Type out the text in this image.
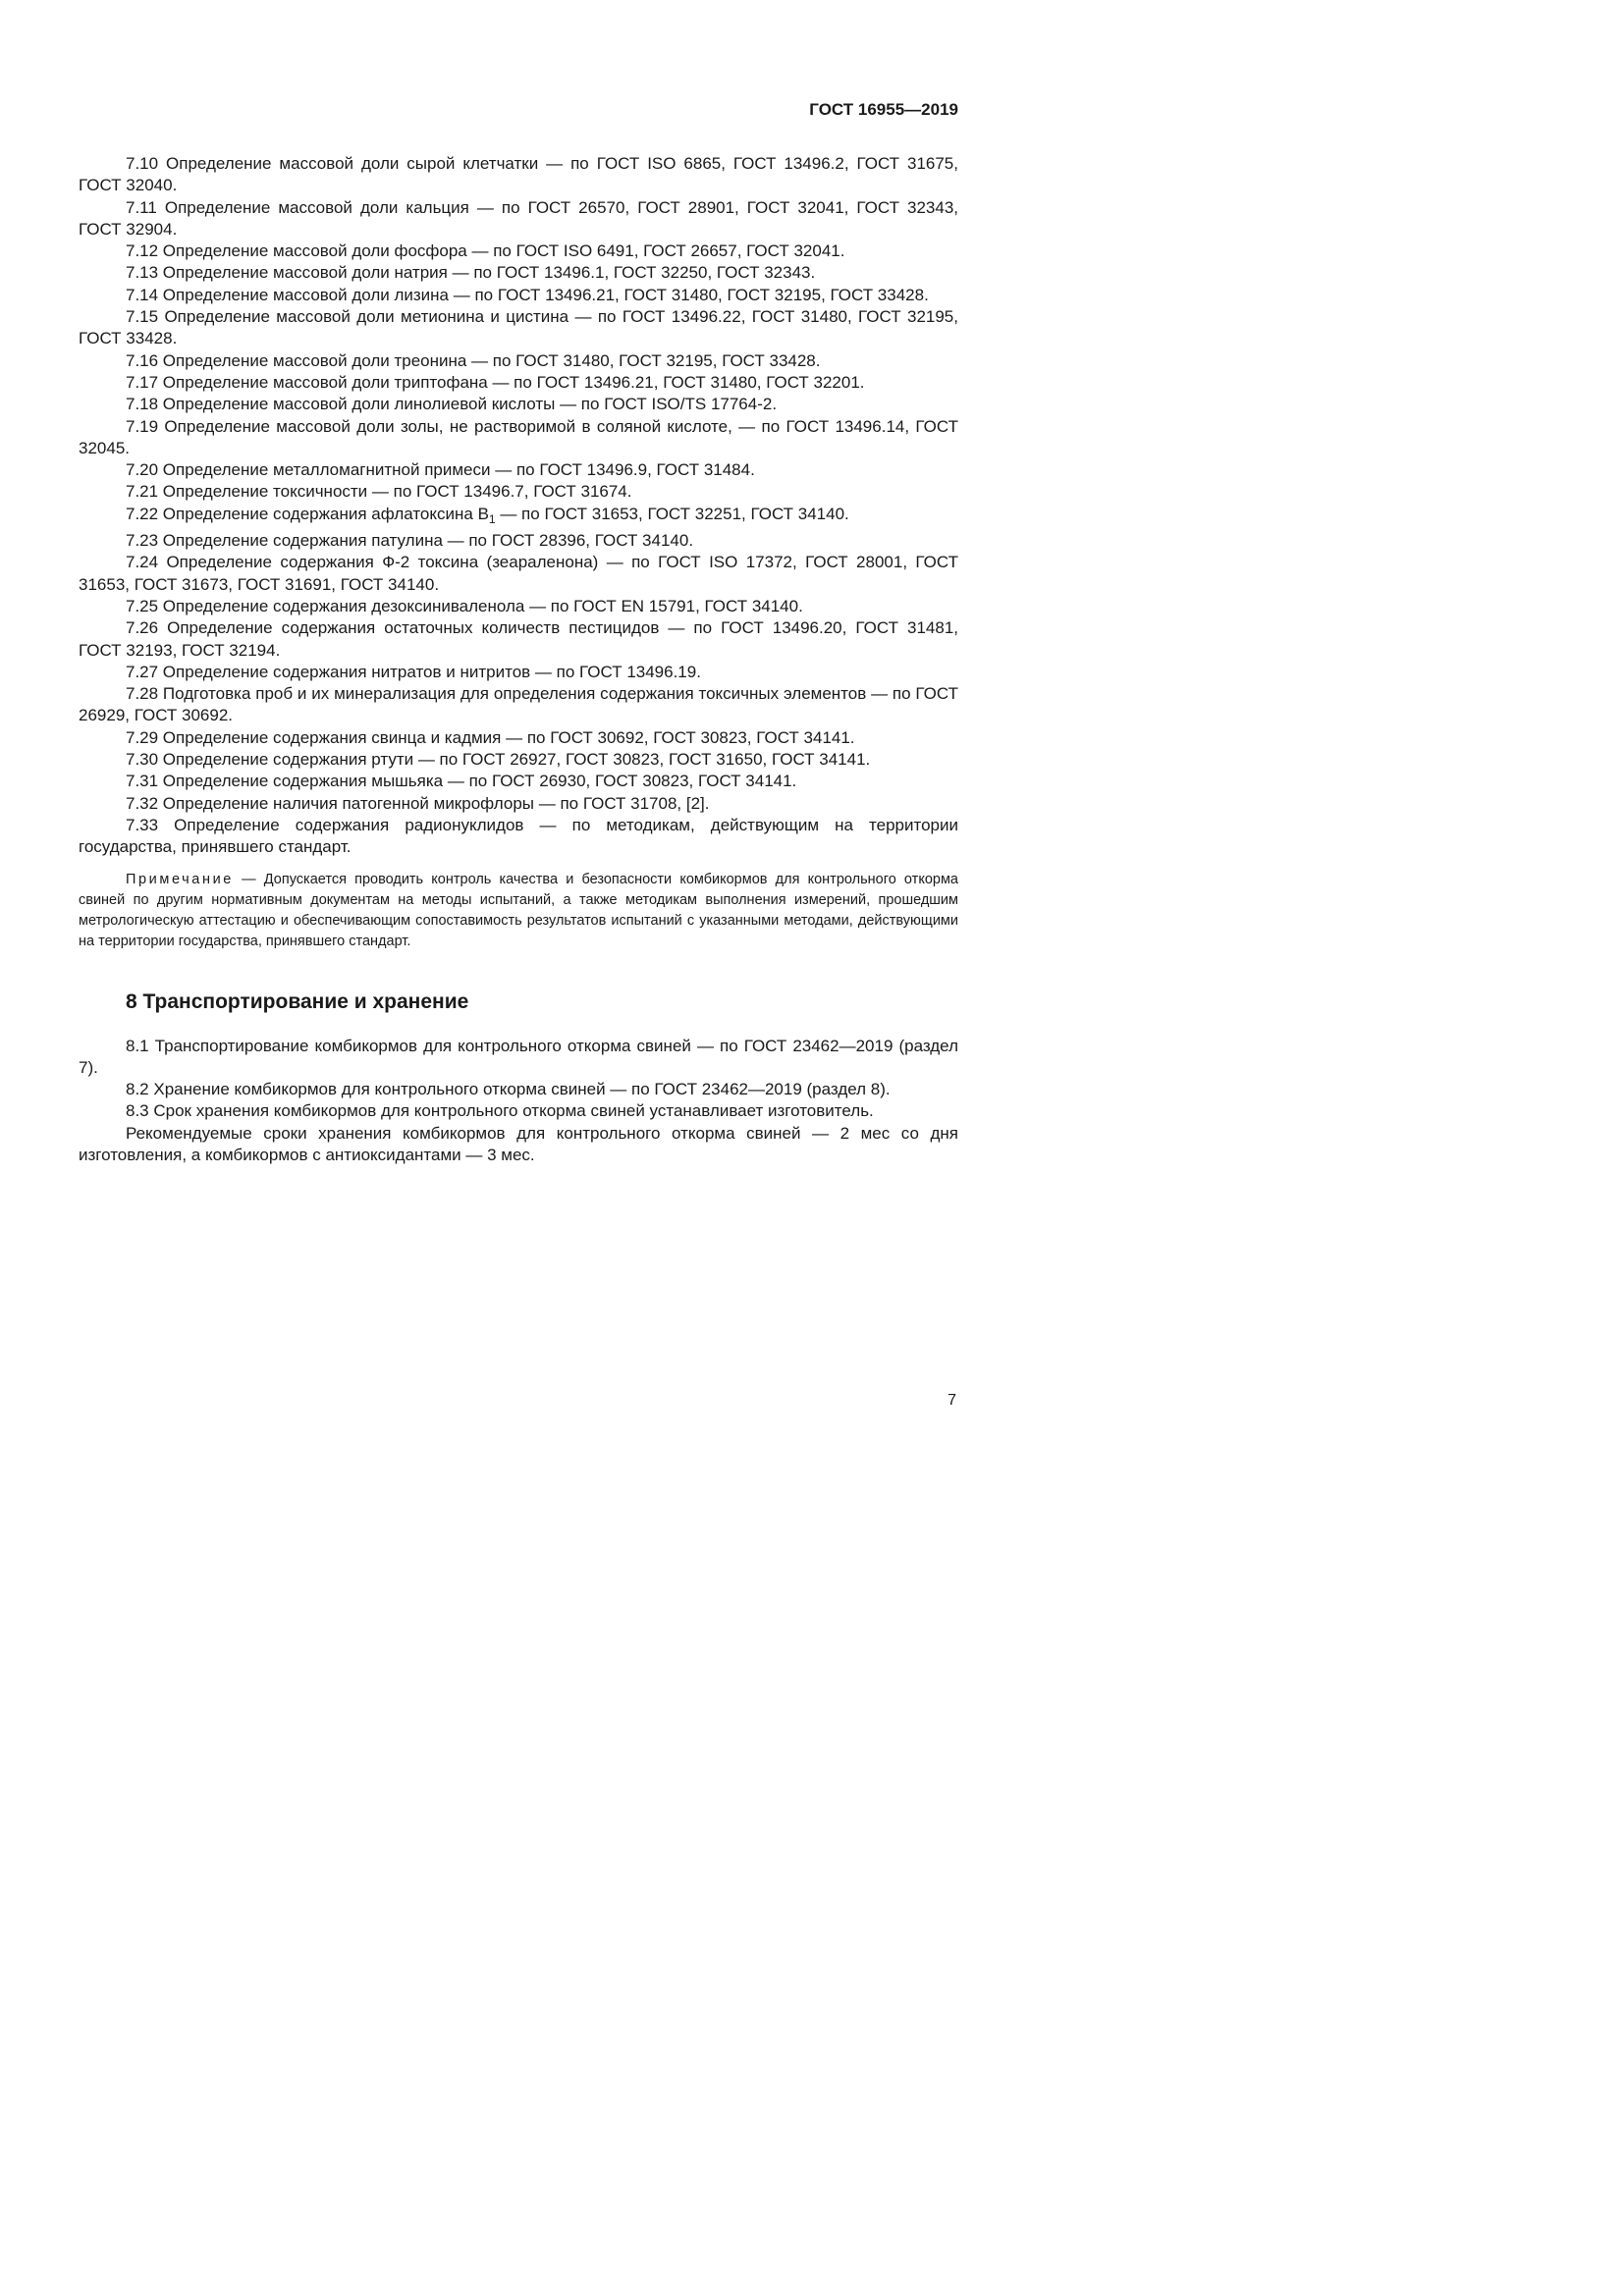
ГОСТ 16955—2019

7.10 Определение массовой доли сырой клетчатки — по ГОСТ ISO 6865, ГОСТ 13496.2, ГОСТ 31675, ГОСТ 32040.

7.11 Определение массовой доли кальция — по ГОСТ 26570, ГОСТ 28901, ГОСТ 32041, ГОСТ 32343, ГОСТ 32904.

7.12 Определение массовой доли фосфора — по ГОСТ ISO 6491, ГОСТ 26657, ГОСТ 32041.

7.13 Определение массовой доли натрия — по ГОСТ 13496.1, ГОСТ 32250, ГОСТ 32343.

7.14 Определение массовой доли лизина — по ГОСТ 13496.21, ГОСТ 31480, ГОСТ 32195, ГОСТ 33428.

7.15 Определение массовой доли метионина и цистина — по ГОСТ 13496.22, ГОСТ 31480, ГОСТ 32195, ГОСТ 33428.

7.16 Определение массовой доли треонина — по ГОСТ 31480, ГОСТ 32195, ГОСТ 33428.

7.17 Определение массовой доли триптофана — по ГОСТ 13496.21, ГОСТ 31480, ГОСТ 32201.

7.18 Определение массовой доли линолиевой кислоты — по ГОСТ ISO/TS 17764-2.

7.19 Определение массовой доли золы, не растворимой в соляной кислоте, — по ГОСТ 13496.14, ГОСТ 32045.

7.20 Определение металломагнитной примеси — по ГОСТ 13496.9, ГОСТ 31484.

7.21 Определение токсичности — по ГОСТ 13496.7, ГОСТ 31674.

7.22 Определение содержания афлатоксина $В_1$ — по ГОСТ 31653, ГОСТ 32251, ГОСТ 34140.

7.23 Определение содержания патулина — по ГОСТ 28396, ГОСТ 34140.

7.24 Определение содержания Ф-2 токсина (зеараленона) — по ГОСТ ISO 17372, ГОСТ 28001, ГОСТ 31653, ГОСТ 31673, ГОСТ 31691, ГОСТ 34140.

7.25 Определение содержания дезоксиниваленола — по ГОСТ EN 15791, ГОСТ 34140.

7.26 Определение содержания остаточных количеств пестицидов — по ГОСТ 13496.20, ГОСТ 31481, ГОСТ 32193, ГОСТ 32194.

7.27 Определение содержания нитратов и нитритов — по ГОСТ 13496.19.

7.28 Подготовка проб и их минерализация для определения содержания токсичных элементов — по ГОСТ 26929, ГОСТ 30692.

7.29 Определение содержания свинца и кадмия — по ГОСТ 30692, ГОСТ 30823, ГОСТ 34141.

7.30 Определение содержания ртути — по ГОСТ 26927, ГОСТ 30823, ГОСТ 31650, ГОСТ 34141.

7.31 Определение содержания мышьяка — по ГОСТ 26930, ГОСТ 30823, ГОСТ 34141.

7.32 Определение наличия патогенной микрофлоры — по ГОСТ 31708, [2].

7.33 Определение содержания радионуклидов — по методикам, действующим на территории государства, принявшего стандарт.

Примечание — Допускается проводить контроль качества и безопасности комбикормов для контрольного откорма свиней по другим нормативным документам на методы испытаний, а также методикам выполнения измерений, прошедшим метрологическую аттестацию и обеспечивающим сопоставимость результатов испытаний с указанными методами, действующими на территории государства, принявшего стандарт.

8 Транспортирование и хранение

8.1 Транспортирование комбикормов для контрольного откорма свиней — по ГОСТ 23462—2019 (раздел 7).

8.2 Хранение комбикормов для контрольного откорма свиней — по ГОСТ 23462—2019 (раздел 8).

8.3 Срок хранения комбикормов для контрольного откорма свиней устанавливает изготовитель.

Рекомендуемые сроки хранения комбикормов для контрольного откорма свиней — 2 мес со дня изготовления, а комбикормов с антиоксидантами — 3 мес.

7
